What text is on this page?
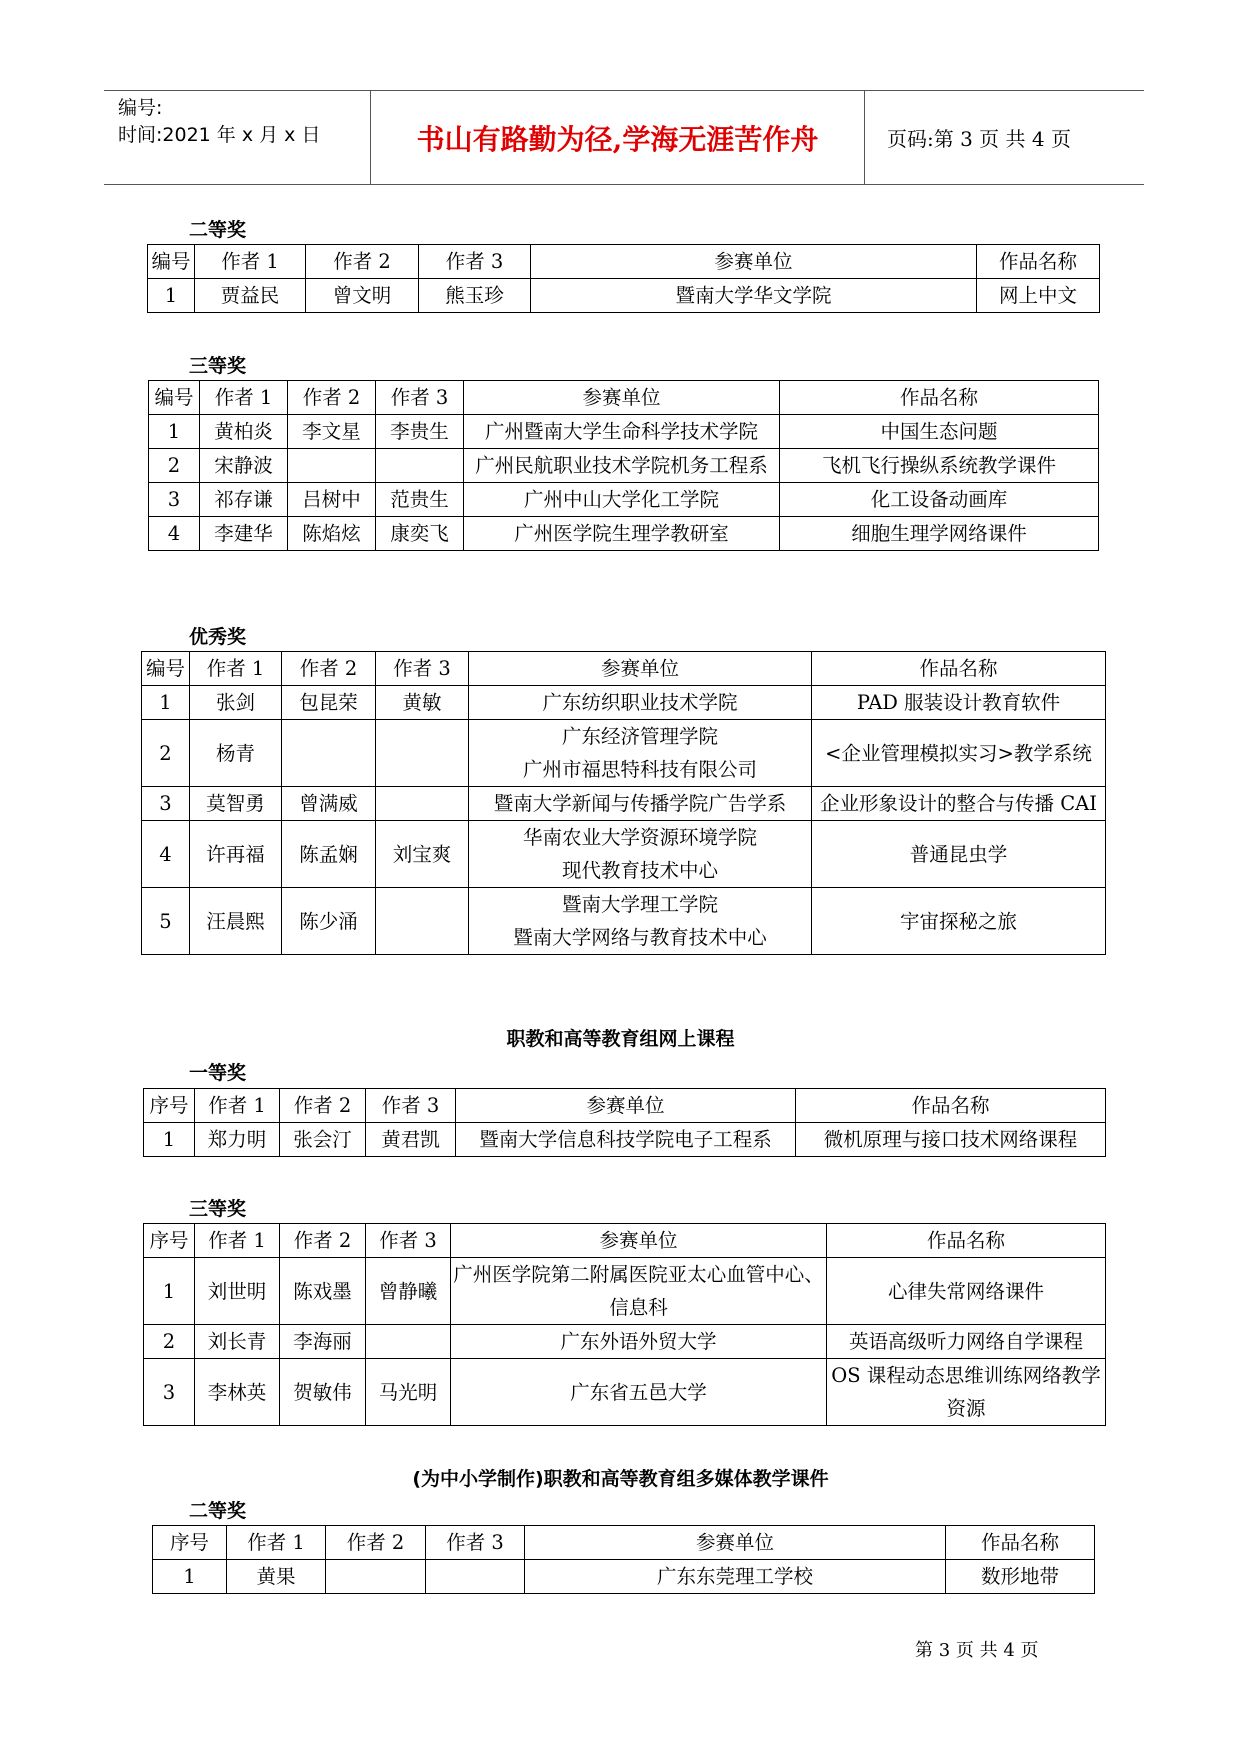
编号:
时间:2021 年 x 月 x 日	书山有路勤为径,学海无涯苦作舟	页码:第 3 页 共 4 页
二等奖
编号	作者 1	作者 2	作者 3	参赛单位	作品名称
1	贾益民	曾文明	熊玉珍	暨南大学华文学院	网上中文
三等奖
编号	作者 1	作者 2	作者 3	参赛单位	作品名称
1	黄柏炎	李文星	李贵生	广州暨南大学生命科学技术学院	中国生态问题
2	宋静波			广州民航职业技术学院机务工程系	飞机飞行操纵系统教学课件
3	祁存谦	吕树中	范贵生	广州中山大学化工学院	化工设备动画库
4	李建华	陈焰炫	康奕飞	广州医学院生理学教研室	细胞生理学网络课件
优秀奖
编号	作者 1	作者 2	作者 3	参赛单位	作品名称
1	张剑	包昆荣	黄敏	广东纺织职业技术学院	PAD 服装设计教育软件
2	杨青			广东经济管理学院
广州市福思特科技有限公司	<企业管理模拟实习>教学系统
3	莫智勇	曾满威		暨南大学新闻与传播学院广告学系	企业形象设计的整合与传播 CAI
4	许再福	陈孟娴	刘宝爽	华南农业大学资源环境学院
现代教育技术中心	普通昆虫学
5	汪晨熙	陈少涌		暨南大学理工学院
暨南大学网络与教育技术中心	宇宙探秘之旅
职教和高等教育组网上课程
一等奖
序号	作者 1	作者 2	作者 3	参赛单位	作品名称
1	郑力明	张会汀	黄君凯	暨南大学信息科技学院电子工程系	微机原理与接口技术网络课程
三等奖
序号	作者 1	作者 2	作者 3	参赛单位	作品名称
1	刘世明	陈戏墨	曾静曦	广州医学院第二附属医院亚太心血管中心、信息科	心律失常网络课件
2	刘长青	李海丽		广东外语外贸大学	英语高级听力网络自学课程
3	李林英	贺敏伟	马光明	广东省五邑大学	OS 课程动态思维训练网络教学资源
(为中小学制作)职教和高等教育组多媒体教学课件
二等奖
序号	作者 1	作者 2	作者 3	参赛单位	作品名称
1	黄果			广东东莞理工学校	数形地带
第 3 页 共 4 页
